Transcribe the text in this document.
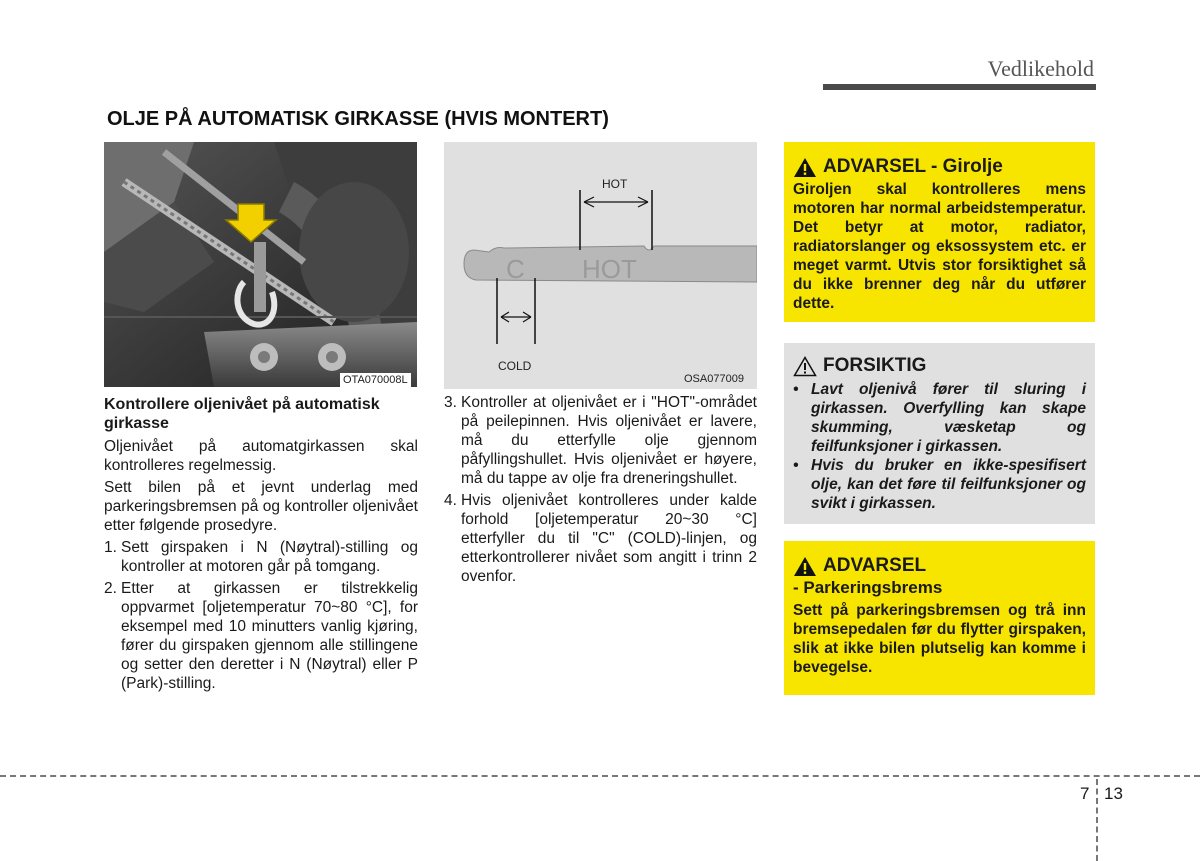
Vedlikehold
OLJE PÅ AUTOMATISK GIRKASSE (HVIS MONTERT)
OTA070008L
HOT
COLD
C HOT
OSA077009
Kontrollere oljenivået på automatisk girkasse

Oljenivået på automatgirkassen skal kontrolleres regelmessig.

Sett bilen på et jevnt underlag med parkeringsbremsen på og kontroller oljenivået etter følgende prosedyre.

1. Sett girspaken i N (Nøytral)-stilling og kontroller at motoren går på tomgang.
2. Etter at girkassen er tilstrekkelig oppvarmet [oljetemperatur 70~80 °C], for eksempel med 10 minutters vanlig kjøring, fører du girspaken gjennom alle stillingene og setter den deretter i N (Nøytral) eller P (Park)-stilling.
3. Kontroller at oljenivået er i "HOT"-området på peilepinnen. Hvis oljenivået er lavere, må du etterfylle olje gjennom påfyllingshullet. Hvis oljenivået er høyere, må du tappe av olje fra dreneringshullet.
4. Hvis oljenivået kontrolleres under kalde forhold [oljetemperatur 20~30 °C] etterfyller du til "C" (COLD)-linjen, og etterkontrollerer nivået som angitt i trinn 2 ovenfor.
ADVARSEL - Girolje
Giroljen skal kontrolleres mens motoren har normal arbeidstemperatur. Det betyr at motor, radiator, radiatorslanger og eksossystem etc. er meget varmt. Utvis stor forsiktighet så du ikke brenner deg når du utfører dette.
FORSIKTIG
• Lavt oljenivå fører til sluring i girkassen. Overfylling kan skape skumming, væsketap og feilfunksjoner i girkassen.
• Hvis du bruker en ikke-spesifisert olje, kan det føre til feilfunksjoner og svikt i girkassen.
ADVARSEL
- Parkeringsbrems
Sett på parkeringsbremsen og trå inn bremsepedalen før du flytter girspaken, slik at ikke bilen plutselig kan komme i bevegelse.
7 13
